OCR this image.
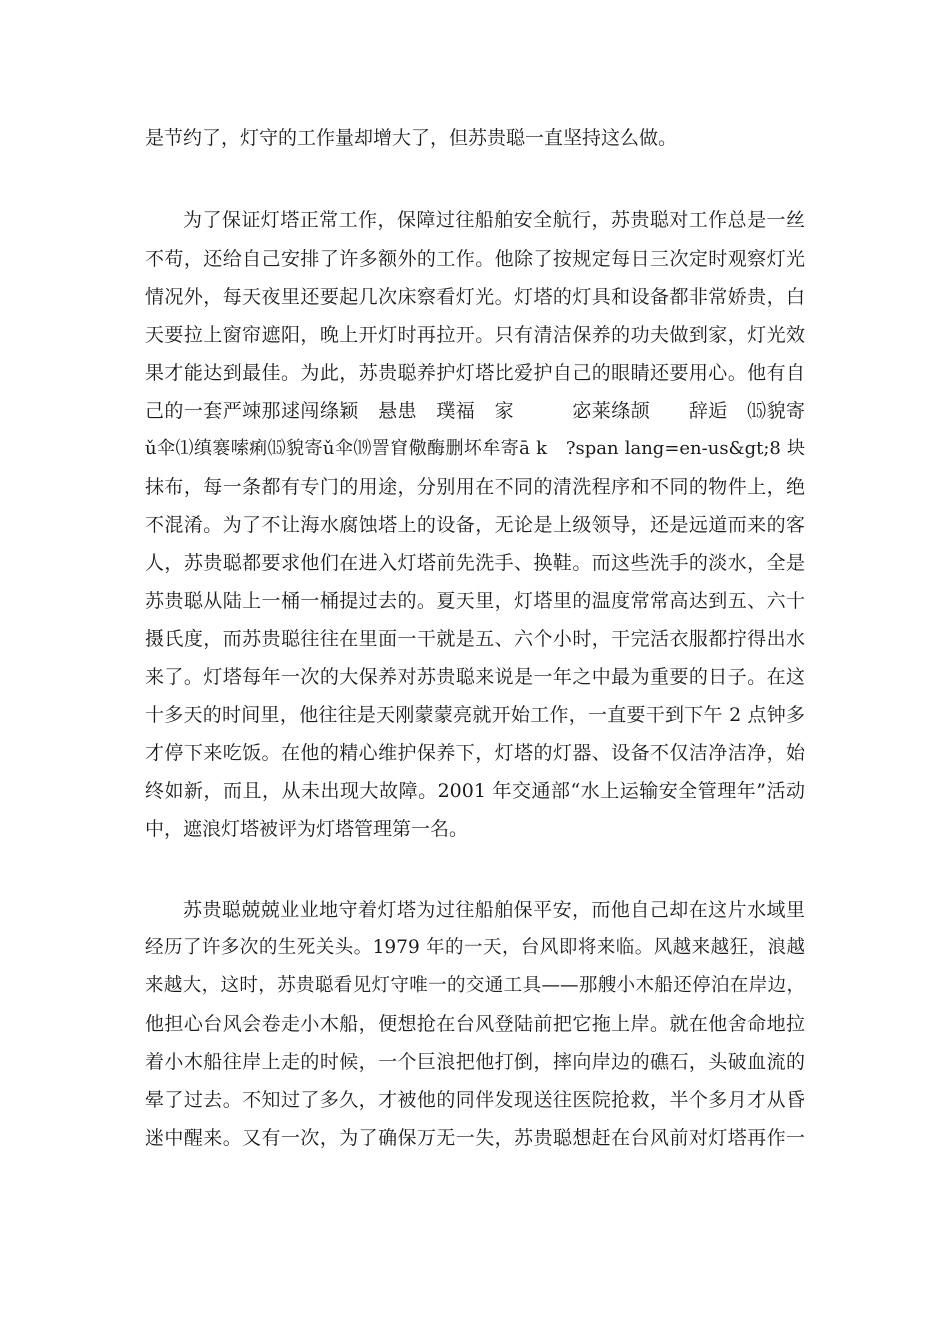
是节约了，灯守的工作量却增大了，但苏贵聪一直坚持这么做。
为了保证灯塔正常工作，保障过往船舶安全航行，苏贵聪对工作总是一丝
不苟，还给自己安排了许多额外的工作。他除了按规定每日三次定时观察灯光
情况外，每天夜里还要起几次床察看灯光。灯塔的灯具和设备都非常娇贵，白
天要拉上窗帘遮阳，晚上开灯时再拉开。只有清洁保养的功夫做到家，灯光效
果才能达到最佳。为此，苏贵聪养护灯塔比爱护自己的眼睛还要用心。他有自
己的一套严竦那逑闯绦颖　悬患　璞福　家　　　宓莱绦颉　　辞逅　⒂貌寄
ǔ伞⑴缜褰嗦痢⒂貌寄ǔ伞⒆詈窅儆酶删坏牟寄ā k　?span lang=en-us&gt;8 块
抹布，每一条都有专门的用途，分别用在不同的清洗程序和不同的物件上，绝
不混淆。为了不让海水腐蚀塔上的设备，无论是上级领导，还是远道而来的客
人，苏贵聪都要求他们在进入灯塔前先洗手、换鞋。而这些洗手的淡水，全是
苏贵聪从陆上一桶一桶提过去的。夏天里，灯塔里的温度常常高达到五、六十
摄氏度，而苏贵聪往往在里面一干就是五、六个小时，干完活衣服都拧得出水
来了。灯塔每年一次的大保养对苏贵聪来说是一年之中最为重要的日子。在这
十多天的时间里，他往往是天刚蒙蒙亮就开始工作，一直要干到下午 2 点钟多
才停下来吃饭。在他的精心维护保养下，灯塔的灯器、设备不仅洁净洁净，始
终如新，而且，从未出现大故障。2001 年交通部“水上运输安全管理年”活动
中，遮浪灯塔被评为灯塔管理第一名。
苏贵聪兢兢业业地守着灯塔为过往船舶保平安，而他自己却在这片水域里
经历了许多次的生死关头。1979 年的一天，台风即将来临。风越来越狂，浪越
来越大，这时，苏贵聪看见灯守唯一的交通工具——那艘小木船还停泊在岸边，
他担心台风会卷走小木船，便想抢在台风登陆前把它拖上岸。就在他舍命地拉
着小木船往岸上走的时候，一个巨浪把他打倒，摔向岸边的礁石，头破血流的
晕了过去。不知过了多久，才被他的同伴发现送往医院抢救，半个多月才从昏
迷中醒来。又有一次，为了确保万无一失，苏贵聪想赶在台风前对灯塔再作一
